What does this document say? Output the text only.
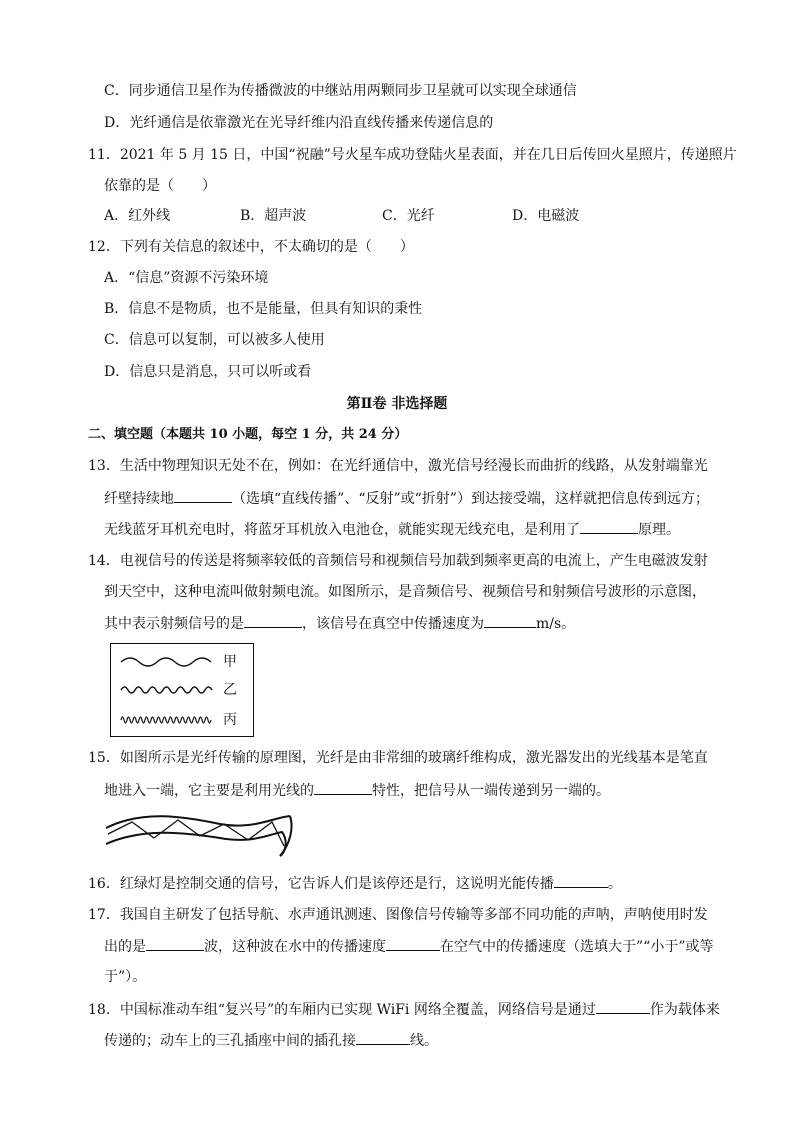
C．同步通信卫星作为传播微波的中继站用两颗同步卫星就可以实现全球通信
D．光纤通信是依靠激光在光导纤维内沿直线传播来传递信息的
11．2021 年 5 月 15 日，中国“祝融”号火星车成功登陆火星表面，并在几日后传回火星照片，传递照片
依靠的是（　　）
A．红外线	B．超声波	C．光纤	D．电磁波
12．下列有关信息的叙述中，不太确切的是（　　）
A．“信息”资源不污染环境
B．信息不是物质，也不是能量，但具有知识的秉性
C．信息可以复制，可以被多人使用
D．信息只是消息，只可以听或看
第Ⅱ卷 非选择题
二、填空题（本题共 10 小题，每空 1 分，共 24 分）
13．生活中物理知识无处不在，例如：在光纤通信中，激光信号经漫长而曲折的线路，从发射端靠光
纤壁持续地	（选填“直线传播”、“反射”或“折射”）到达接受端，这样就把信息传到远方；
无线蓝牙耳机充电时，将蓝牙耳机放入电池仓，就能实现无线充电，是利用了	原理。
14．电视信号的传送是将频率较低的音频信号和视频信号加载到频率更高的电流上，产生电磁波发射
到天空中，这种电流叫做射频电流。如图所示，是音频信号、视频信号和射频信号波形的示意图，
其中表示射频信号的是	，该信号在真空中传播速度为	m/s。
甲
乙
丙
15．如图所示是光纤传输的原理图，光纤是由非常细的玻璃纤维构成，激光器发出的光线基本是笔直
地进入一端，它主要是利用光线的	特性，把信号从一端传递到另一端的。
16．红绿灯是控制交通的信号，它告诉人们是该停还是行，这说明光能传播	。
17．我国自主研发了包括导航、水声通讯测速、图像信号传输等多部不同功能的声呐，声呐使用时发
出的是	波，这种波在水中的传播速度	在空气中的传播速度（选填大于”“小于”或等
于”）。
18．中国标准动车组“复兴号”的车厢内已实现 WiFi 网络全覆盖，网络信号是通过	作为载体来
传递的；动车上的三孔插座中间的插孔接	线。
